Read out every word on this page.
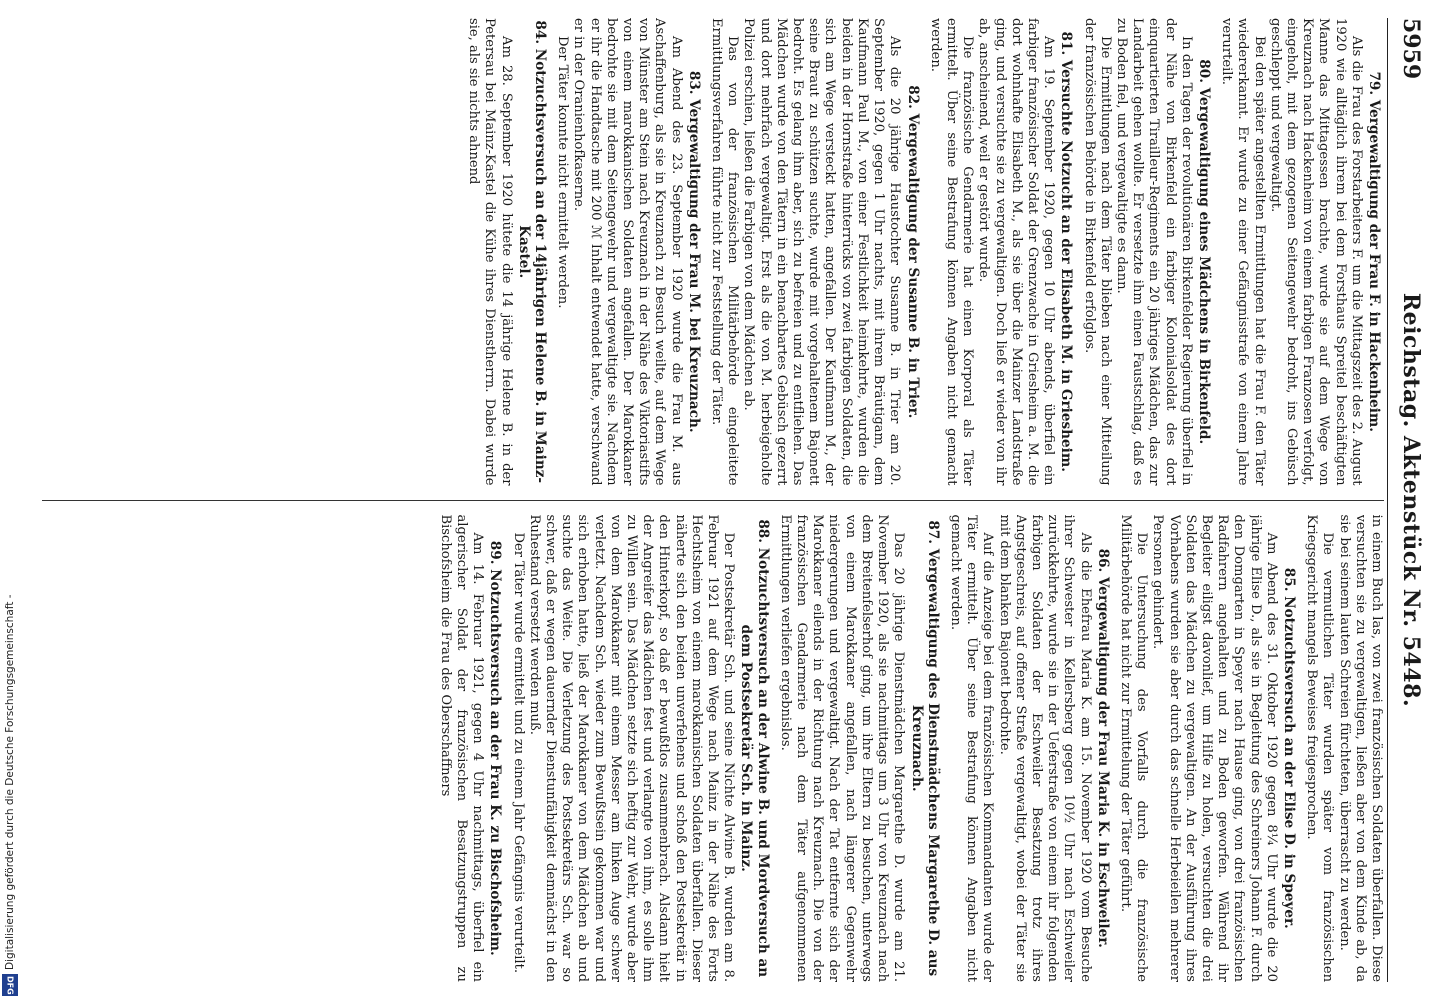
Digitalisierung gefördert durch die Deutsche Forschungsgemeinschaft -
DFG
Reichstag. Aktenstück Nr. 5448.
5959
79. Vergewaltigung der Frau F. in Hackenheim.

Als die Frau des Forstarbeiters F. um die Mittagszeit des 2. August 1920 wie alltäglich ihrem bei dem Forsthaus Spreitel beschäftigten Manne das Mittagessen brachte, wurde sie auf dem Wege von Kreuznach nach Hackenheim von einem farbigen Franzosen verfolgt, eingeholt, mit dem gezogenen Seitengewehr bedroht, ins Gebüsch geschleppt und vergewaltigt.

Bei den später angestellten Ermittlungen hat die Frau F. den Täter wiedererkannt. Er wurde zu einer Gefängnisstrafe von einem Jahre verurteilt.

80. Vergewaltigung eines Mädchens in Birkenfeld.

In den Tagen der revolutionären Birkenfelder Regierung überfiel in der Nähe von Birkenfeld ein farbiger Kolonialsoldat des dort einquartierten Tirailleur-Regiments ein 20 jähriges Mädchen, das zur Landarbeit gehen wollte. Er versetzte ihm einen Faustschlag, daß es zu Boden fiel, und vergewaltigte es dann.

Die Ermittlungen nach dem Täter blieben nach einer Mitteilung der französischen Behörde in Birkenfeld erfolglos.

81. Versuchte Notzucht an der Elisabeth M. in Griesheim.

Am 19. September 1920, gegen 10 Uhr abends, überfiel ein farbiger französischer Soldat der Grenzwache in Griesheim a. M. die dort wohnhafte Elisabeth M., als sie über die Mainzer Landstraße ging, und versuchte sie zu vergewaltigen. Doch ließ er wieder von ihr ab, anscheinend, weil er gestört wurde.

Die französische Gendarmerie hat einen Korporal als Täter ermittelt. Über seine Bestrafung können Angaben nicht gemacht werden.

82. Vergewaltigung der Susanne B. in Trier.

Als die 20 jährige Haustochter Susanne B. in Trier am 20. September 1920, gegen 1 Uhr nachts, mit ihrem Bräutigam, dem Kaufmann Paul M., von einer Festlichkeit heimkehrte, wurden die beiden in der Hornstraße hinterrücks von zwei farbigen Soldaten, die sich am Wege versteckt hatten, angefallen. Der Kaufmann M., der seine Braut zu schützen suchte, wurde mit vorgehaltenem Bajonett bedroht. Es gelang ihm aber, sich zu befreien und zu entfliehen. Das Mädchen wurde von den Tätern in ein benachbartes Gebüsch gezerrt und dort mehrfach vergewaltigt. Erst als die von M. herbeigeholte Polizei erschien, ließen die Farbigen von dem Mädchen ab.

Das von der französischen Militärbehörde eingeleitete Ermittlungsverfahren führte nicht zur Feststellung der Täter.

83. Vergewaltigung der Frau M. bei Kreuznach.

Am Abend des 23. September 1920 wurde die Frau M. aus Aschaffenburg, als sie in Kreuznach zu Besuch weilte, auf dem Wege von Münster am Stein nach Kreuznach in der Nähe des Viktoriastifts von einem marokkanischen Soldaten angefallen. Der Marokkaner bedrohte sie mit dem Seitengewehr und vergewaltigte sie. Nachdem er ihr die Handtasche mit 200 ℳ Inhalt entwendet hatte, verschwand er in der Oranienhofkaserne.

Der Täter konnte nicht ermittelt werden.

84. Notzuchtsversuch an der 14jährigen Helene B. in Mainz-Kastel.

Am 28. September 1920 hütete die 14 jährige Helene B. in der Petersau bei Mainz-Kastel die Kühe ihres Dienstherrn. Dabei wurde sie, als sie nichts ahnend

in einem Buch las, von zwei französischen Soldaten überfallen. Diese versuchten sie zu vergewaltigen, ließen aber von dem Kinde ab, da sie bei seinem lauten Schreien fürchteten, überrascht zu werden.

Die vermutlichen Täter wurden später vom französischen Kriegsgericht mangels Beweises freigesprochen.

85. Notzuchtsversuch an der Elise D. in Speyer.

Am Abend des 31. Oktober 1920 gegen 8¼ Uhr wurde die 20 jährige Elise D., als sie in Begleitung des Schreiners Johann F. durch den Domgarten in Speyer nach Hause ging, von drei französischen Radfahrern angehalten und zu Boden geworfen. Während ihr Begleiter eiligst davonlief, um Hilfe zu holen, versuchten die drei Soldaten das Mädchen zu vergewaltigen. An der Ausführung ihres Vorhabens wurden sie aber durch das schnelle Herbeieilen mehrerer Personen gehindert.

Die Untersuchung des Vorfalls durch die französische Militärbehörde hat nicht zur Ermittelung der Täter geführt.

86. Vergewaltigung der Frau Maria K. in Eschweiler.

Als die Ehefrau Maria K. am 15. November 1920 vom Besuche ihrer Schwester in Kellersberg gegen 10½ Uhr nach Eschweiler zurückkehrte, wurde sie in der Ueferstraße von einem ihr folgenden farbigen Soldaten der Eschweiler Besatzung trotz ihres Angstgeschreis, auf offener Straße vergewaltigt, wobei der Täter sie mit dem blanken Bajonett bedrohte.

Auf die Anzeige bei dem französischen Kommandanten wurde der Täter ermittelt. Über seine Bestrafung können Angaben nicht gemacht werden.

87. Vergewaltigung des Dienstmädchens Margarethe D. aus Kreuznach.

Das 20 jährige Dienstmädchen Margarethe D. wurde am 21. November 1920, als sie nachmittags um 3 Uhr von Kreuznach nach dem Breitenfelserhof ging, um ihre Eltern zu besuchen, unterwegs von einem Marokkaner angefallen, nach längerer Gegenwehr niedergerungen und vergewaltigt. Nach der Tat entfernte sich der Marokkaner eilends in der Richtung nach Kreuznach. Die von der französischen Gendarmerie nach dem Täter aufgenommenen Ermittlungen verliefen ergebnislos.

88. Notzuchtsversuch an der Alwine B. und Mordversuch an dem Postsekretär Sch. in Mainz.

Der Postsekretär Sch. und seine Nichte Alwine B. wurden am 8. Februar 1921 auf dem Wege nach Mainz in der Nähe des Forts Hechtsheim von einem marokkanischen Soldaten überfallen. Dieser näherte sich den beiden unverfehens und schoß den Postsekretär in den Hinterkopf, so daß er bewußtlos zusammenbrach. Alsdann hielt der Angreifer das Mädchen fest und verlangte von ihm, es solle ihm zu Willen sein. Das Mädchen setzte sich heftig zur Wehr, wurde aber von dem Marokkaner mit einem Messer am linken Auge schwer verletzt. Nachdem Sch. wieder zum Bewußtsein gekommen war und sich erhoben hatte, ließ der Marokkaner von dem Mädchen ab und suchte das Weite. Die Verletzung des Postsekretärs Sch. war so schwer, daß er wegen dauernder Dienstunfähigkeit demnächst in den Ruhestand versetzt werden muß.

Der Täter wurde ermittelt und zu einem Jahr Gefängnis verurteilt.

89. Notzuchtsversuch an der Frau K. zu Bischofsheim.

Am 14. Februar 1921, gegen 4 Uhr nachmittags, überfiel ein algerischer Soldat der französischen Besatzungstruppen zu Bischofsheim die Frau des Oberschaffners
